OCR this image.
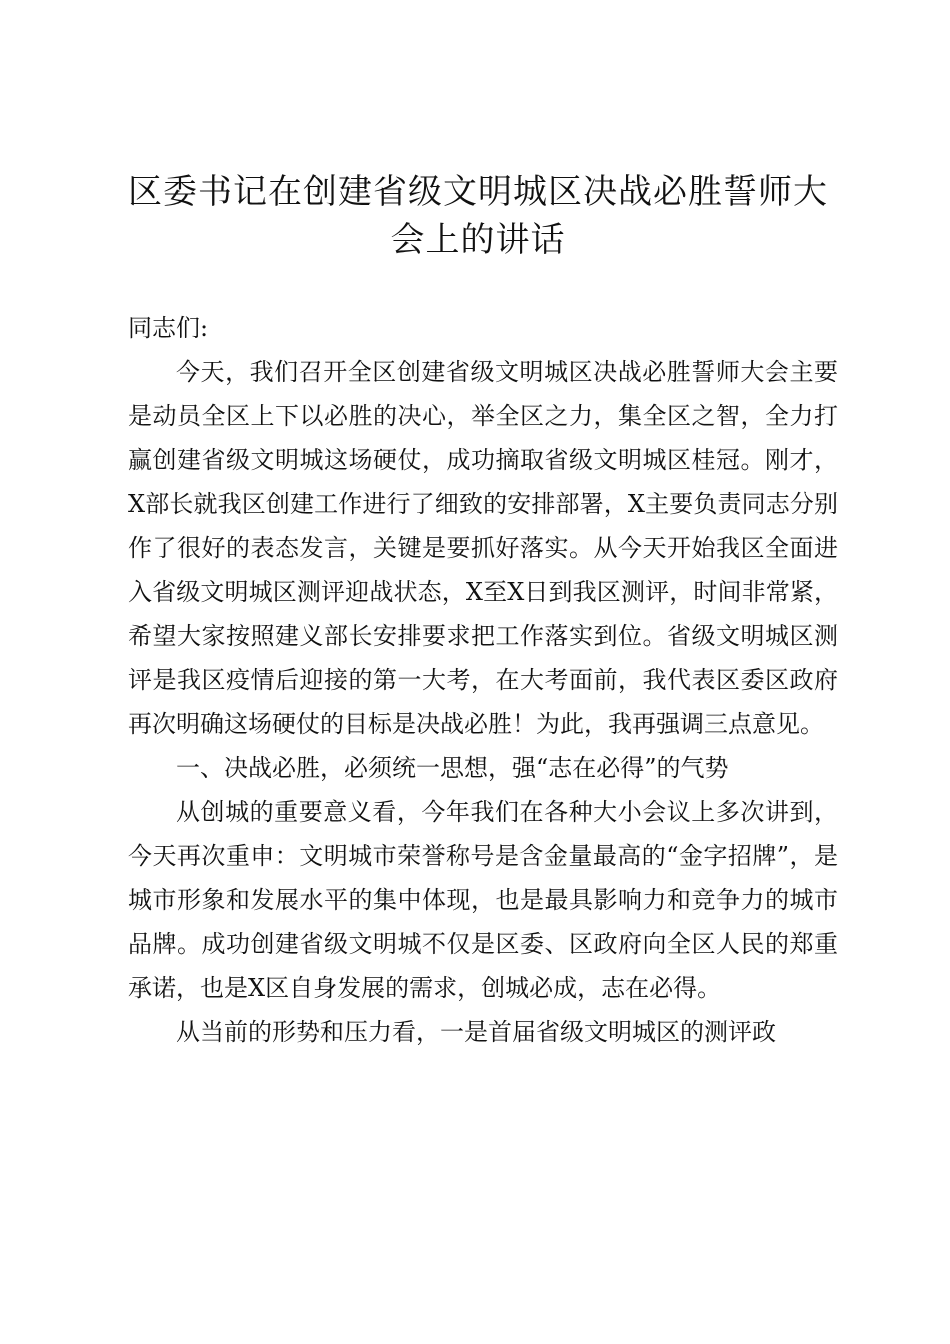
区委书记在创建省级文明城区决战必胜誓师大
会上的讲话

同志们:

今天，我们召开全区创建省级文明城区决战必胜誓师大会主要是动员全区上下以必胜的决心，举全区之力，集全区之智，全力打赢创建省级文明城这场硬仗，成功摘取省级文明城区桂冠。刚才，X部长就我区创建工作进行了细致的安排部署，X主要负责同志分别作了很好的表态发言，关键是要抓好落实。从今天开始我区全面进入省级文明城区测评迎战状态，X至X日到我区测评，时间非常紧，希望大家按照建义部长安排要求把工作落实到位。省级文明城区测评是我区疫情后迎接的第一大考，在大考面前，我代表区委区政府再次明确这场硬仗的目标是决战必胜！为此，我再强调三点意见。

一、决战必胜，必须统一思想，强“志在必得”的气势

从创城的重要意义看，今年我们在各种大小会议上多次讲到，今天再次重申：文明城市荣誉称号是含金量最高的“金字招牌”，是城市形象和发展水平的集中体现，也是最具影响力和竞争力的城市品牌。成功创建省级文明城不仅是区委、区政府向全区人民的郑重承诺，也是X区自身发展的需求，创城必成，志在必得。

从当前的形势和压力看，一是首届省级文明城区的测评政
